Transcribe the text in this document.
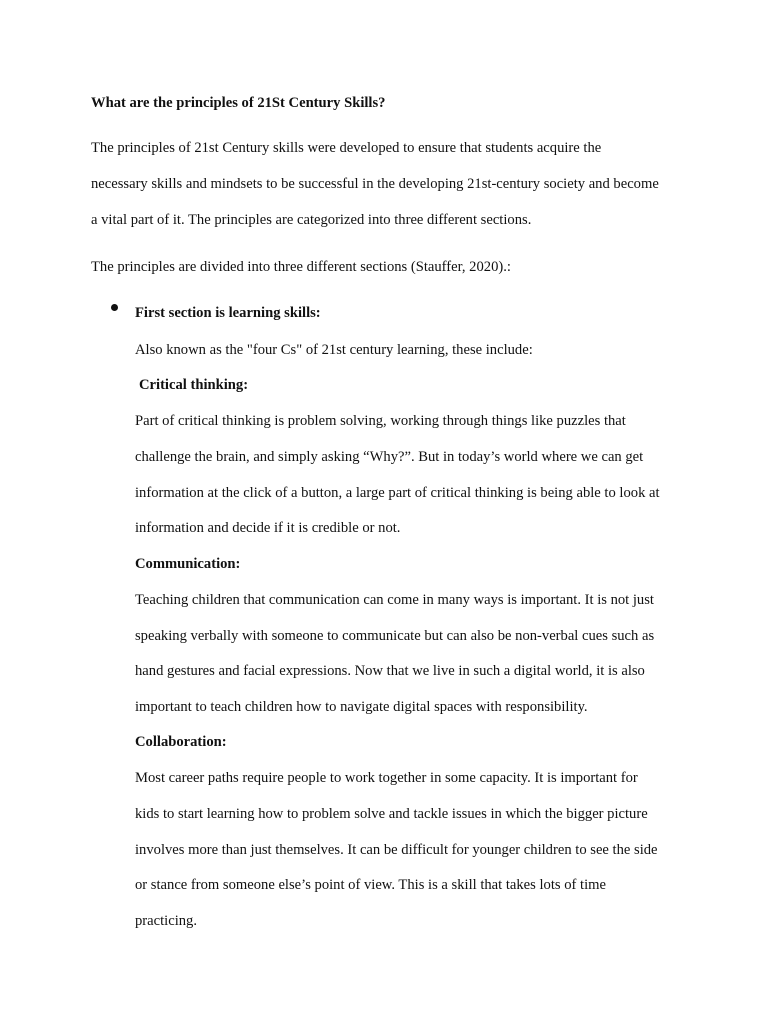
What are the principles of 21St Century Skills?
The principles of 21st Century skills were developed to ensure that students acquire the
necessary skills and mindsets to be successful in the developing 21st-century society and become
a vital part of it. The principles are categorized into three different sections.
The principles are divided into three different sections (Stauffer, 2020).:
First section is learning skills:
Also known as the "four Cs" of 21st century learning, these include:
Critical thinking:
Part of critical thinking is problem solving, working through things like puzzles that
challenge the brain, and simply asking “Why?”. But in today’s world where we can get
information at the click of a button, a large part of critical thinking is being able to look at
information and decide if it is credible or not.
Communication:
Teaching children that communication can come in many ways is important. It is not just
speaking verbally with someone to communicate but can also be non-verbal cues such as
hand gestures and facial expressions. Now that we live in such a digital world, it is also
important to teach children how to navigate digital spaces with responsibility.
Collaboration:
Most career paths require people to work together in some capacity. It is important for
kids to start learning how to problem solve and tackle issues in which the bigger picture
involves more than just themselves. It can be difficult for younger children to see the side
or stance from someone else’s point of view. This is a skill that takes lots of time
practicing.
